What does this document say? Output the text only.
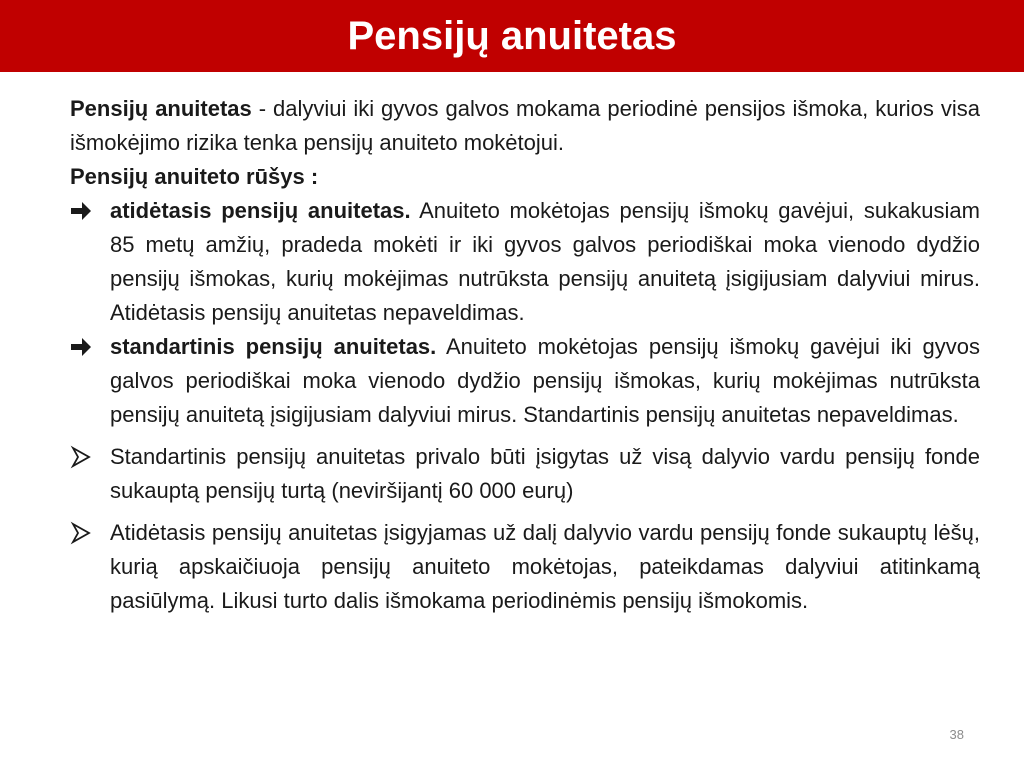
Pensijų anuitetas

Pensijų anuitetas - dalyviui iki gyvos galvos mokama periodinė pensijos išmoka, kurios visa išmokėjimo rizika tenka pensijų anuiteto mokėtojui.

Pensijų anuiteto rūšys :

atidėtasis pensijų anuitetas. Anuiteto mokėtojas pensijų išmokų gavėjui, sukakusiam 85 metų amžių, pradeda mokėti ir iki gyvos galvos periodiškai moka vienodo dydžio pensijų išmokas, kurių mokėjimas nutrūksta pensijų anuitetą įsigijusiam dalyviui mirus. Atidėtasis pensijų anuitetas nepaveldimas.
standartinis pensijų anuitetas. Anuiteto mokėtojas pensijų išmokų gavėjui iki gyvos galvos periodiškai moka vienodo dydžio pensijų išmokas, kurių mokėjimas nutrūksta pensijų anuitetą įsigijusiam dalyviui mirus. Standartinis pensijų anuitetas nepaveldimas.
Standartinis pensijų anuitetas privalo būti įsigytas už visą dalyvio vardu pensijų fonde sukauptą pensijų turtą (neviršijantį 60 000 eurų)
Atidėtasis pensijų anuitetas įsigyjamas už dalį dalyvio vardu pensijų fonde sukauptų lėšų, kurią apskaičiuoja pensijų anuiteto mokėtojas, pateikdamas dalyviui atitinkamą pasiūlymą. Likusi turto dalis išmokama periodinėmis pensijų išmokomis.
38
